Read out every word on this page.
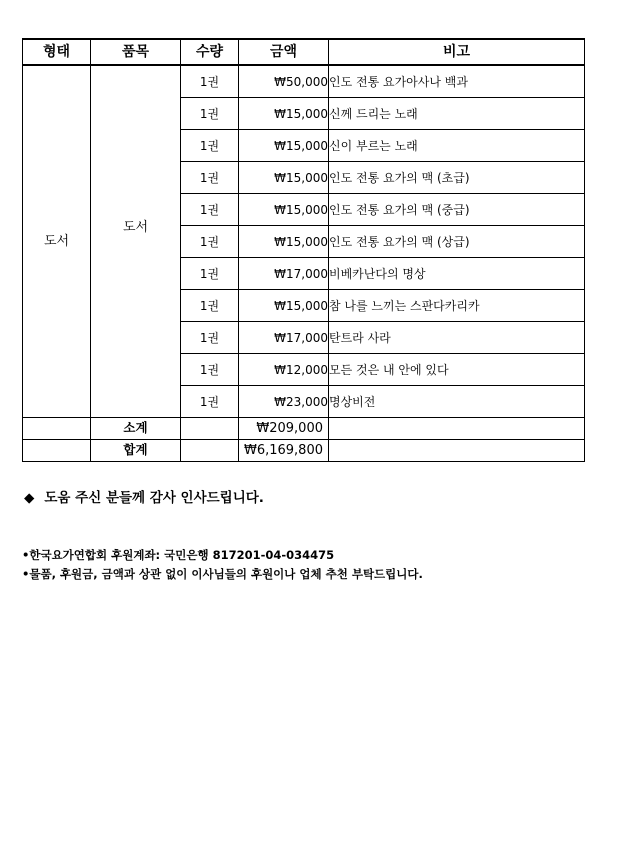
형태	품목	수량	금액	비고
도서	도서	1권	₩50,000	인도 전통 요가아사나 백과
		1권	₩15,000	신께 드리는 노래
		1권	₩15,000	신이 부르는 노래
		1권	₩15,000	인도 전통 요가의 맥 (초급)
		1권	₩15,000	인도 전통 요가의 맥 (중급)
		1권	₩15,000	인도 전통 요가의 맥 (상급)
		1권	₩17,000	비베카난다의 명상
		1권	₩15,000	참 나를 느끼는 스판다카리카
		1권	₩17,000	탄트라 사라
		1권	₩12,000	모든 것은 내 안에 있다
		1권	₩23,000	명상비전
	소계		₩209,000	
	합계		₩6,169,800	
◆ 도움 주신 분들께 감사 인사드립니다.
•한국요가연합회 후원계좌: 국민은행 817201-04-034475
•물품, 후원금, 금액과 상관 없이 이사님들의 후원이나 업체 추천 부탁드립니다.
